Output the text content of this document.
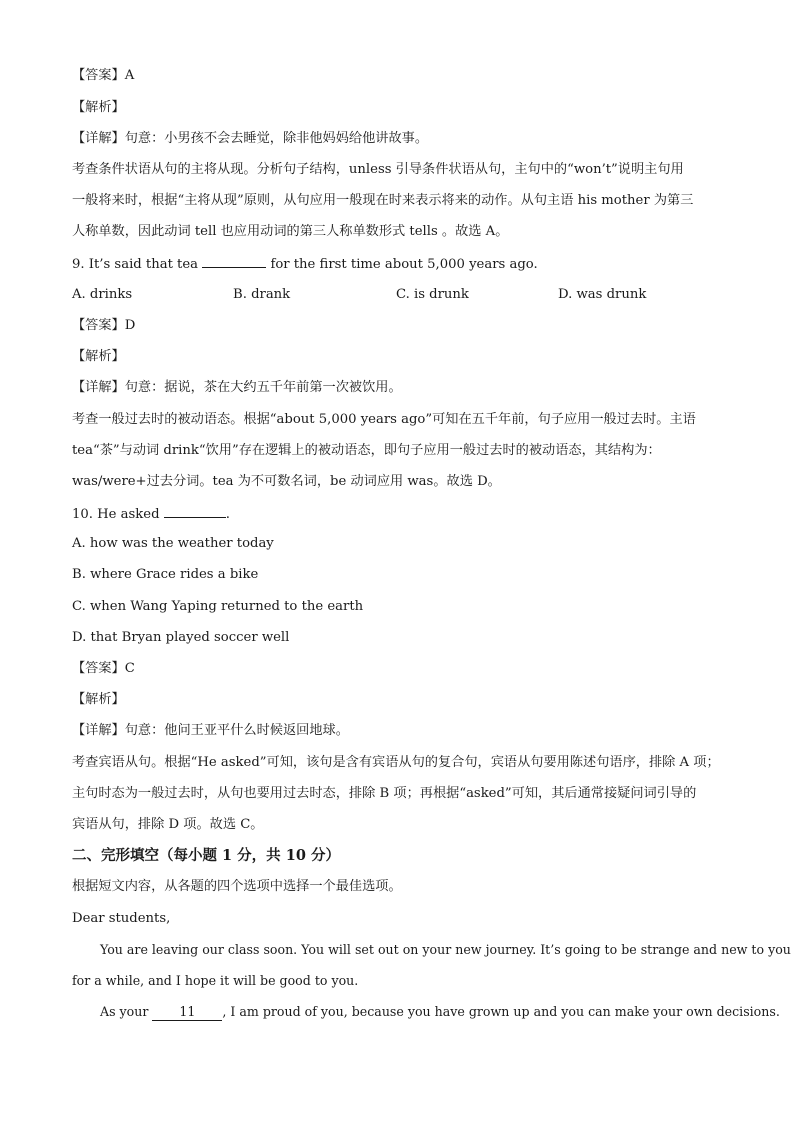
【答案】A
【解析】
【详解】句意：小男孩不会去睡觉，除非他妈妈给他讲故事。
考查条件状语从句的主将从现。分析句子结构，unless 引导条件状语从句，主句中的“won’t”说明主句用
一般将来时，根据“主将从现”原则，从句应用一般现在时来表示将来的动作。从句主语 his mother 为第三
人称单数，因此动词 tell 也应用动词的第三人称单数形式 tells 。故选 A。
9. It’s said that tea	for the first time about 5,000 years ago.
A. drinks	B. drank	C. is drunk	D. was drunk
【答案】D
【解析】
【详解】句意：据说，茶在大约五千年前第一次被饮用。
考查一般过去时的被动语态。根据“about 5,000 years ago”可知在五千年前，句子应用一般过去时。主语
tea“茶”与动词 drink“饮用”存在逻辑上的被动语态，即句子应用一般过去时的被动语态，其结构为：
was/were+过去分词。tea 为不可数名词，be 动词应用 was。故选 D。
10. He asked	.
A. how was the weather today
B. where Grace rides a bike
C. when Wang Yaping returned to the earth
D. that Bryan played soccer well
【答案】C
【解析】
【详解】句意：他问王亚平什么时候返回地球。
考查宾语从句。根据“He asked”可知，该句是含有宾语从句的复合句，宾语从句要用陈述句语序，排除 A 项；
主句时态为一般过去时，从句也要用过去时态，排除 B 项；再根据“asked”可知，其后通常接疑问词引导的
宾语从句，排除 D 项。故选 C。
二、完形填空（每小题 1 分，共 10 分）
根据短文内容，从各题的四个选项中选择一个最佳选项。
Dear students,
You are leaving our class soon. You will set out on your new journey. It’s going to be strange and new to you
for a while, and I hope it will be good to you.
As your 11 , I am proud of you, because you have grown up and you can make your own decisions.
